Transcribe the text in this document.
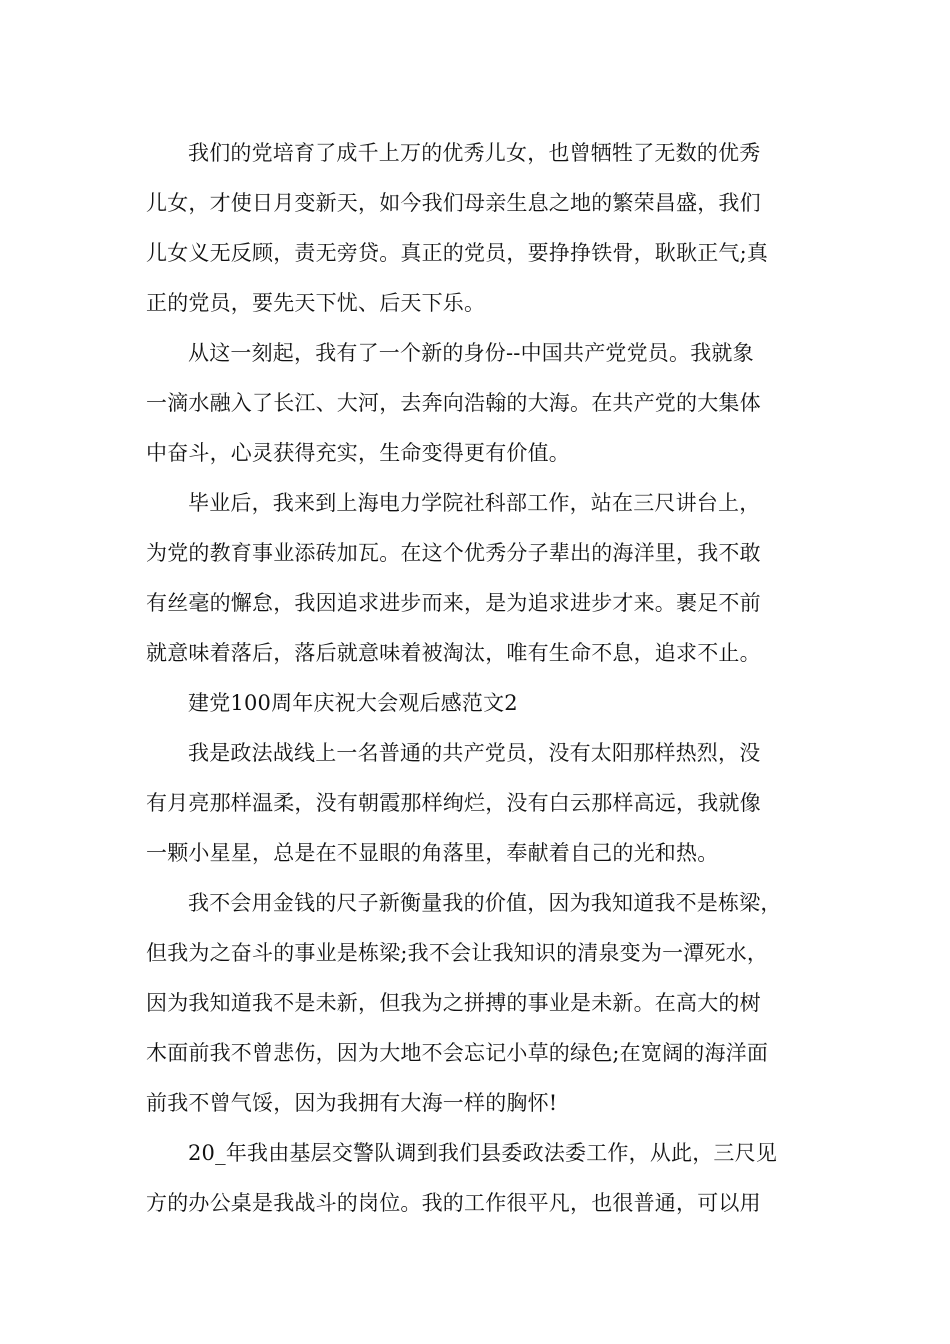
我们的党培育了成千上万的优秀儿女，也曾牺牲了无数的优秀
儿女，才使日月变新天，如今我们母亲生息之地的繁荣昌盛，我们
儿女义无反顾，责无旁贷。真正的党员，要挣挣铁骨，耿耿正气;真
正的党员，要先天下忧、后天下乐。
从这一刻起，我有了一个新的身份--中国共产党党员。我就象
一滴水融入了长江、大河，去奔向浩翰的大海。在共产党的大集体
中奋斗，心灵获得充实，生命变得更有价值。
毕业后，我来到上海电力学院社科部工作，站在三尺讲台上，
为党的教育事业添砖加瓦。在这个优秀分子辈出的海洋里，我不敢
有丝毫的懈怠，我因追求进步而来，是为追求进步才来。裹足不前
就意味着落后，落后就意味着被淘汰，唯有生命不息，追求不止。
建党100周年庆祝大会观后感范文2
我是政法战线上一名普通的共产党员，没有太阳那样热烈，没
有月亮那样温柔，没有朝霞那样绚烂，没有白云那样高远，我就像
一颗小星星，总是在不显眼的角落里，奉献着自己的光和热。
我不会用金钱的尺子新衡量我的价值，因为我知道我不是栋梁，
但我为之奋斗的事业是栋梁;我不会让我知识的清泉变为一潭死水，
因为我知道我不是未新，但我为之拼搏的事业是未新。在高大的树
木面前我不曾悲伤，因为大地不会忘记小草的绿色;在宽阔的海洋面
前我不曾气馁，因为我拥有大海一样的胸怀!
20_年我由基层交警队调到我们县委政法委工作，从此，三尺见
方的办公桌是我战斗的岗位。我的工作很平凡，也很普通，可以用
